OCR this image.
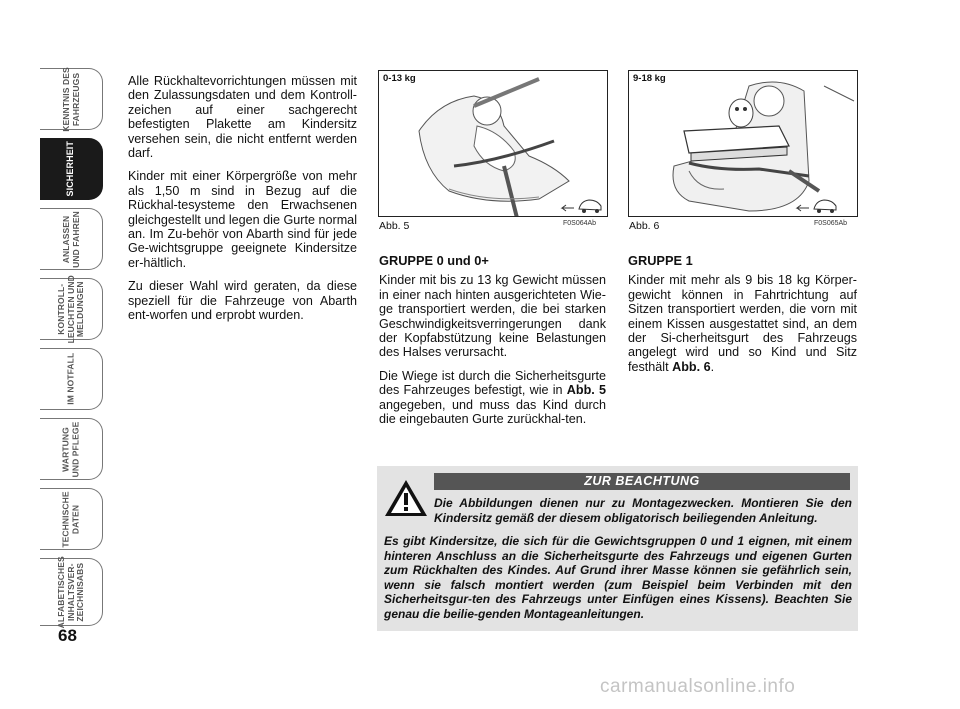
KENNTNIS DES
FAHRZEUGS
SICHERHEIT
ANLASSEN
UND FAHREN
KONTROLL-
LEUCHTEN UND
MELDUNGEN
IM NOTFALL
WARTUNG
UND PFLEGE
TECHNISCHE
DATEN
ALFABETISCHES
INHALTSVER-
ZEICHNISABS
68

Alle Rückhaltevorrichtungen müssen mit den Zulassungsdaten und dem Kontroll-zeichen auf einer sachgerecht befestigten Plakette am Kindersitz versehen sein, die nicht entfernt werden darf.

Kinder mit einer Körpergröße von mehr als 1,50 m sind in Bezug auf die Rückhal-tesysteme den Erwachsenen gleichgestellt und legen die Gurte normal an. Im Zu-behör von Abarth sind für jede Ge-wichtsgruppe geeignete Kindersitze er-hältlich.

Zu dieser Wahl wird geraten, da diese speziell für die Fahrzeuge von Abarth ent-worfen und erprobt wurden.

0-13 kg
Abb. 5	F0S064Ab
9-18 kg
Abb. 6	F0S065Ab

GRUPPE 0 und 0+

Kinder mit bis zu 13 kg Gewicht müssen in einer nach hinten ausgerichteten Wie-ge transportiert werden, die bei starken Geschwindigkeitsverringerungen dank der Kopfabstützung keine Belastungen des Halses verursacht.

Die Wiege ist durch die Sicherheitsgurte des Fahrzeuges befestigt, wie in Abb. 5 angegeben, und muss das Kind durch die eingebauten Gurte zurückhal-ten.

GRUPPE 1

Kinder mit mehr als 9 bis 18 kg Körper-gewicht können in Fahrtrichtung auf Sitzen transportiert werden, die vorn mit einem Kissen ausgestattet sind, an dem der Si-cherheitsgurt des Fahrzeugs angelegt wird und so Kind und Sitz festhält Abb. 6.

ZUR BEACHTUNG
Die Abbildungen dienen nur zu Montagezwecken. Montieren Sie den Kindersitz gemäß der diesem obligatorisch beiliegenden Anleitung.
Es gibt Kindersitze, die sich für die Gewichtsgruppen 0 und 1 eignen, mit einem hinteren Anschluss an die Sicherheitsgurte des Fahrzeugs und eigenen Gurten zum Rückhalten des Kindes. Auf Grund ihrer Masse können sie gefährlich sein, wenn sie falsch montiert werden (zum Beispiel beim Verbinden mit den Sicherheitsgur-ten des Fahrzeugs unter Einfügen eines Kissens). Beachten Sie genau die beilie-genden Montageanleitungen.
carmanualsonline.info
